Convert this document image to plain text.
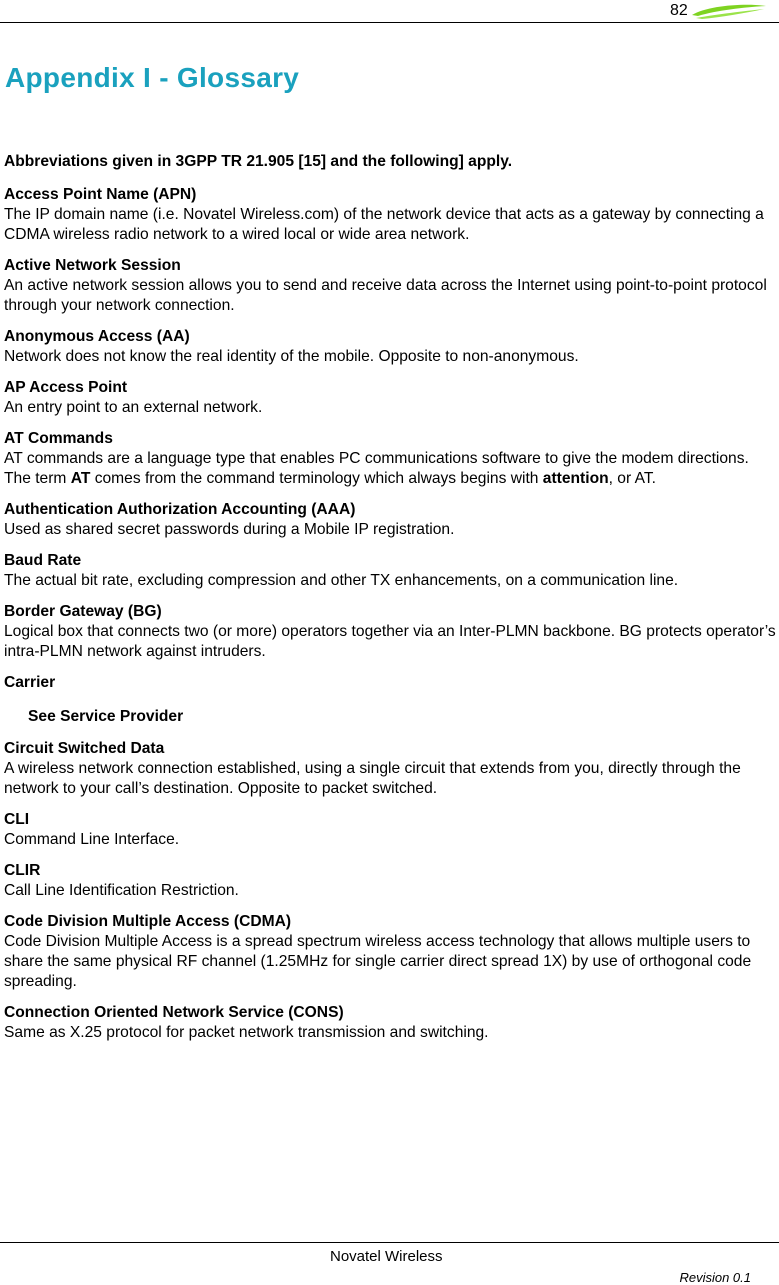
82
Appendix I - Glossary

Abbreviations given in 3GPP TR 21.905 [15] and the following] apply.

Access Point Name (APN)
The IP domain name (i.e. Novatel Wireless.com) of the network device that acts as a gateway by connecting a CDMA wireless radio network to a wired local or wide area network.
Active Network Session
An active network session allows you to send and receive data across the Internet using point-to-point protocol through your network connection.
Anonymous Access (AA)
Network does not know the real identity of the mobile. Opposite to non-anonymous.
AP Access Point
An entry point to an external network.
AT Commands
AT commands are a language type that enables PC communications software to give the modem directions. The term AT comes from the command terminology which always begins with attention, or AT.
Authentication Authorization Accounting (AAA)
Used as shared secret passwords during a Mobile IP registration.
Baud Rate
The actual bit rate, excluding compression and other TX enhancements, on a communication line.
Border Gateway (BG)
Logical box that connects two (or more) operators together via an Inter-PLMN backbone. BG protects operator’s intra-PLMN network against intruders.
Carrier
See Service Provider
Circuit Switched Data
A wireless network connection established, using a single circuit that extends from you, directly through the network to your call’s destination. Opposite to packet switched.
CLI
Command Line Interface.
CLIR
Call Line Identification Restriction.
Code Division Multiple Access (CDMA)
Code Division Multiple Access is a spread spectrum wireless access technology that allows multiple users to share the same physical RF channel (1.25MHz for single carrier direct spread 1X) by use of orthogonal code spreading.
Connection Oriented Network Service (CONS)
Same as X.25 protocol for packet network transmission and switching.
Novatel Wireless
Revision 0.1
